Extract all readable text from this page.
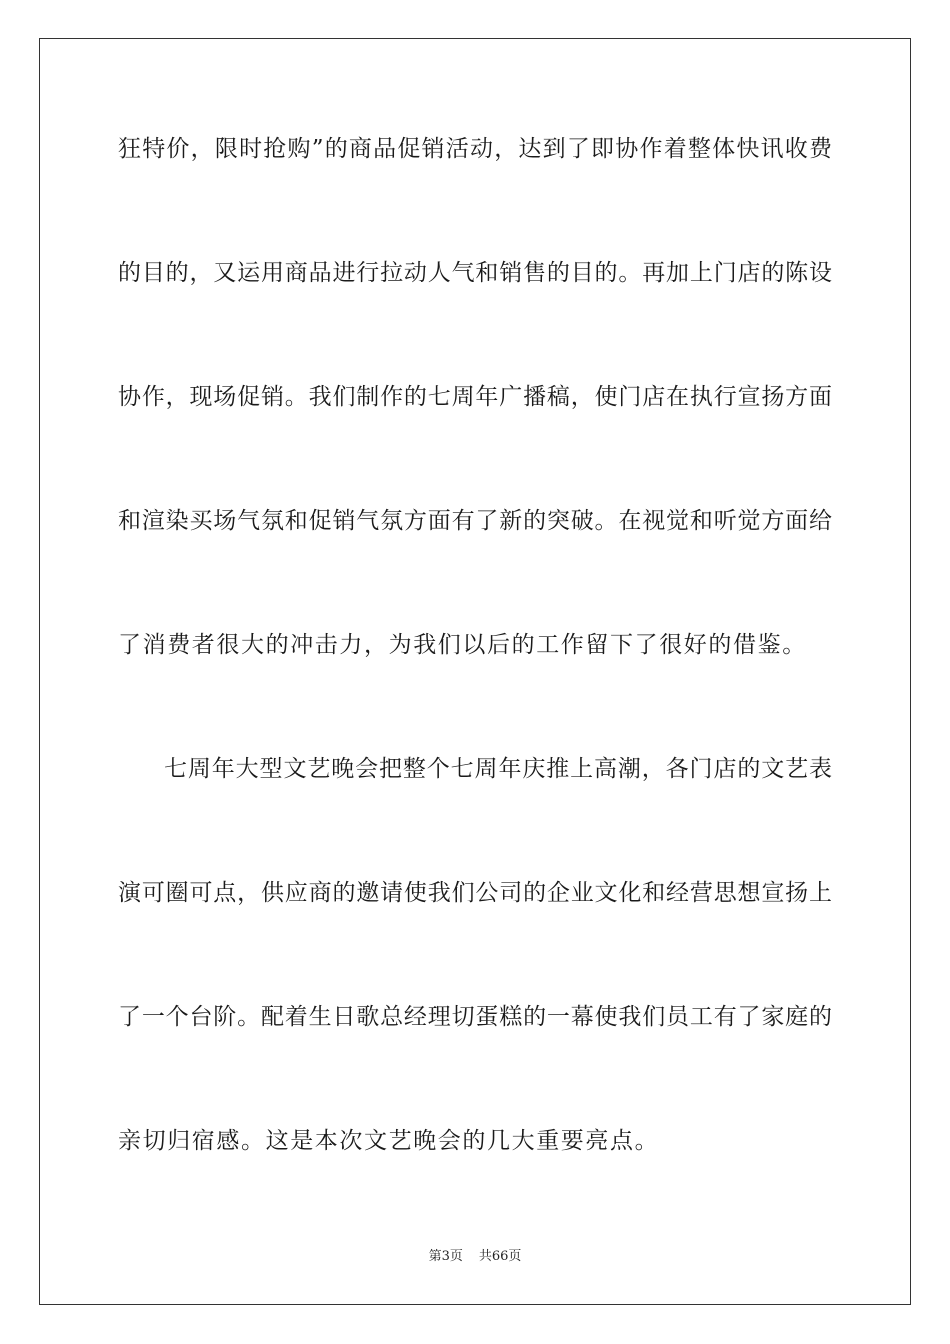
狂特价，限时抢购”的商品促销活动，达到了即协作着整体快讯收费
的目的，又运用商品进行拉动人气和销售的目的。再加上门店的陈设
协作，现场促销。我们制作的七周年广播稿，使门店在执行宣扬方面
和渲染买场气氛和促销气氛方面有了新的突破。在视觉和听觉方面给
了消费者很大的冲击力，为我们以后的工作留下了很好的借鉴。
七周年大型文艺晚会把整个七周年庆推上高潮，各门店的文艺表
演可圈可点，供应商的邀请使我们公司的企业文化和经营思想宣扬上
了一个台阶。配着生日歌总经理切蛋糕的一幕使我们员工有了家庭的
亲切归宿感。这是本次文艺晚会的几大重要亮点。
第3页 共66页
